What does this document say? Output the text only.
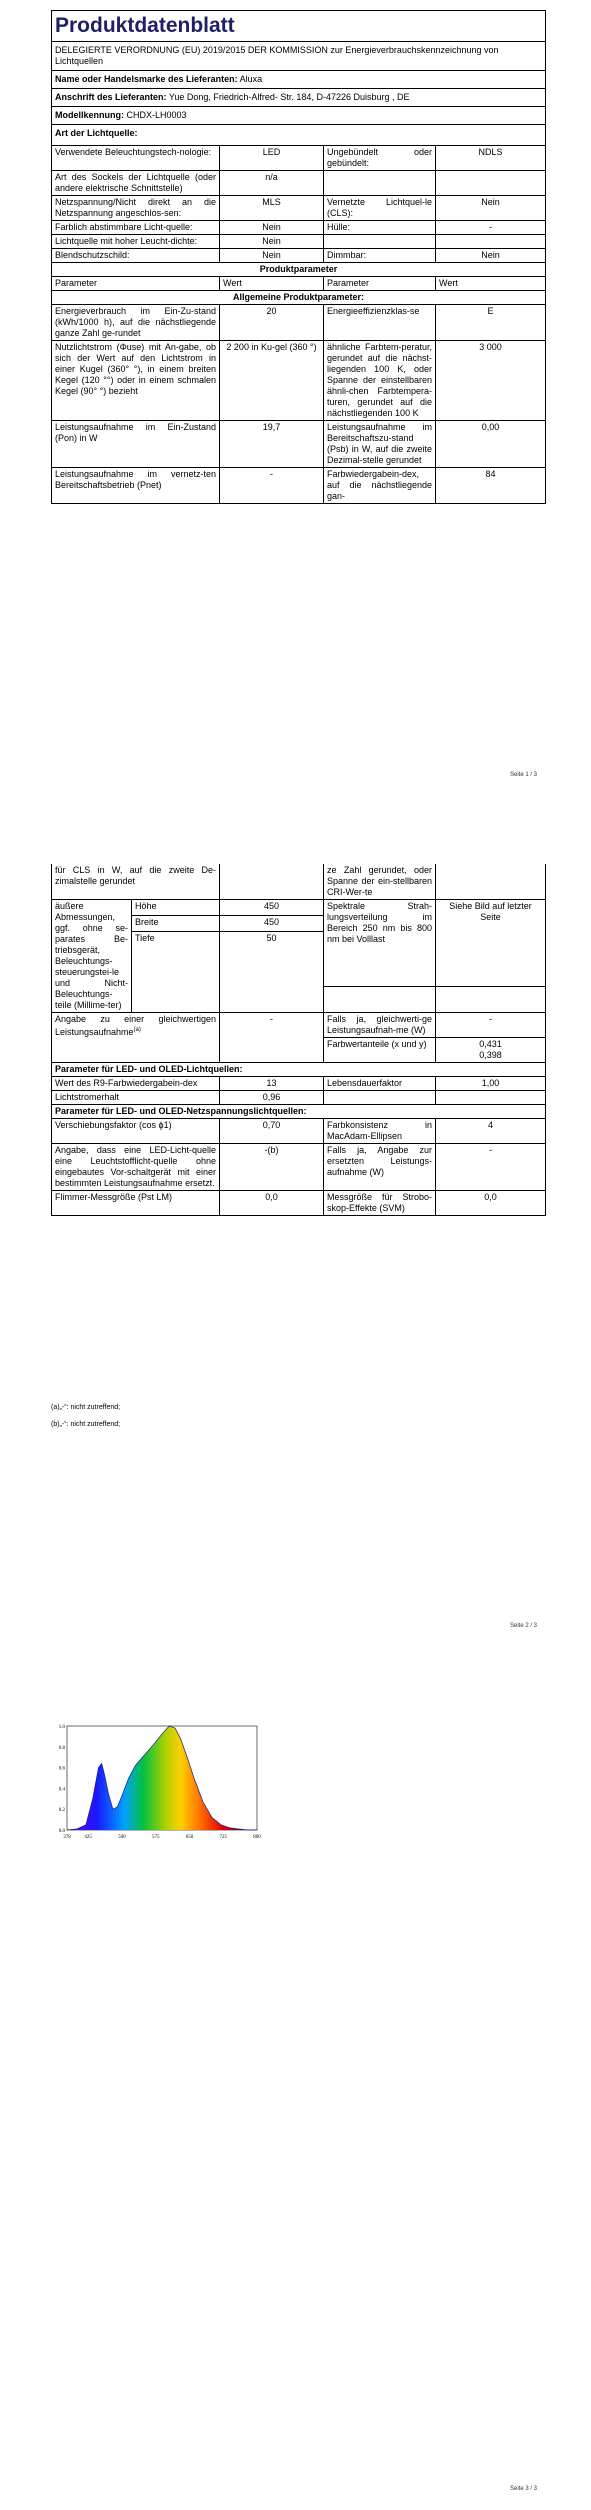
Produktdatenblatt			
DELEGIERTE VERORDNUNG (EU) 2019/2015 DER KOMMISSION zur Energieverbrauchskennzeichnung von Lichtquellen			
Name oder Handelsmarke des Lieferanten: Aluxa			
Anschrift des Lieferanten: Yue Dong, Friedrich-Alfred- Str. 184, D-47226 Duisburg , DE			
Modellkennung: CHDX-LH0003			
Art der Lichtquelle:			
Verwendete Beleuchtungstech-nologie:	LED	Ungebündelt oder gebündelt:	NDLS
Art des Sockels der Lichtquelle (oder andere elektrische Schnittstelle)	n/a		
Netzspannung/Nicht direkt an die Netzspannung angeschlos-sen:	MLS	Vernetzte Lichtquel-le (CLS):	Nein
Farblich abstimmbare Licht-quelle:	Nein	Hülle:	-
Lichtquelle mit hoher Leucht-dichte:	Nein		
Blendschutzschild:	Nein	Dimmbar:	Nein
Produktparameter			
Parameter	Wert	Parameter	Wert
Allgemeine Produktparameter:			
Energieverbrauch im Ein-Zu-stand (kWh/1000 h), auf die nächstliegende ganze Zahl ge-rundet	20	Energieeffizienzklas-se	E
Nutzlichtstrom (Φuse) mit An-gabe, ob sich der Wert auf den Lichtstrom in einer Kugel (360° °), in einem breiten Kegel (120 °°) oder in einem schmalen Kegel (90° °) bezieht	2 200 in Ku-gel (360 °)	ähnliche Farbtem-peratur, gerundet auf die nächst-liegenden 100 K, oder Spanne der einstellbaren ähnli-chen Farbtempera-turen, gerundet auf die nächstliegenden 100 K	3 000
Leistungsaufnahme im Ein-Zustand (Pon) in W	19,7	Leistungsaufnahme im Bereitschaftszu-stand (Psb) in W, auf die zweite Dezimal-stelle gerundet	0,00
Leistungsaufnahme im vernetz-ten Bereitschaftsbetrieb (Pnet)	-	Farbwiedergabein-dex, auf die nächstliegende gan-	84
Seite 1 / 3
für CLS in W, auf die zweite De-zimalstelle gerundet			ze Zahl gerundet, oder Spanne der ein-stellbaren CRI-Wer-te	
äußere Abmessungen, ggf. ohne se-parates Be-triebsgerät, Beleuchtungs-steuerungstei-le und Nicht-Beleuchtungs-teile (Millime-ter)	Höhe	450	Spektrale Strah-lungsverteilung im Bereich 250 nm bis 800 nm bei Volllast	Siehe Bild auf letzter Seite
	Breite	450		
	Tiefe	50		

Angabe zu einer gleichwertigen Leistungsaufnahme$^{(a)}$		-	Falls ja, gleichwerti-ge Leistungsaufnah-me (W)	-
			Farbwertanteile (x und y)	0,431
0,398
Parameter für LED- und OLED-Lichtquellen:				
Wert des R9-Farbwiedergabein-dex		13	Lebensdauerfaktor	1,00
Lichtstromerhalt		0,96		
Parameter für LED- und OLED-Netzspannungslichtquellen:				
Verschiebungsfaktor (cos ϕ1)		0,70	Farbkonsistenz in MacAdam-Ellipsen	4
Angabe, dass eine LED-Licht-quelle eine Leuchtstofflicht-quelle ohne eingebautes Vor-schaltgerät mit einer bestimmten Leistungsaufnahme ersetzt.		-(b)	Falls ja, Angabe zur ersetzten Leistungs-aufnahme (W)	-
Flimmer-Messgröße (Pst LM)		0,0	Messgröße für Strobo-skop-Effekte (SVM)	0,0
(a)„-“: nicht zutreffend;
(b)„-“: nicht zutreffend;
Seite 2 / 3
378	425	500	575	650	725	800
0.0
0.2
0.4
0.6
0.8
1.0
Seite 3 / 3
